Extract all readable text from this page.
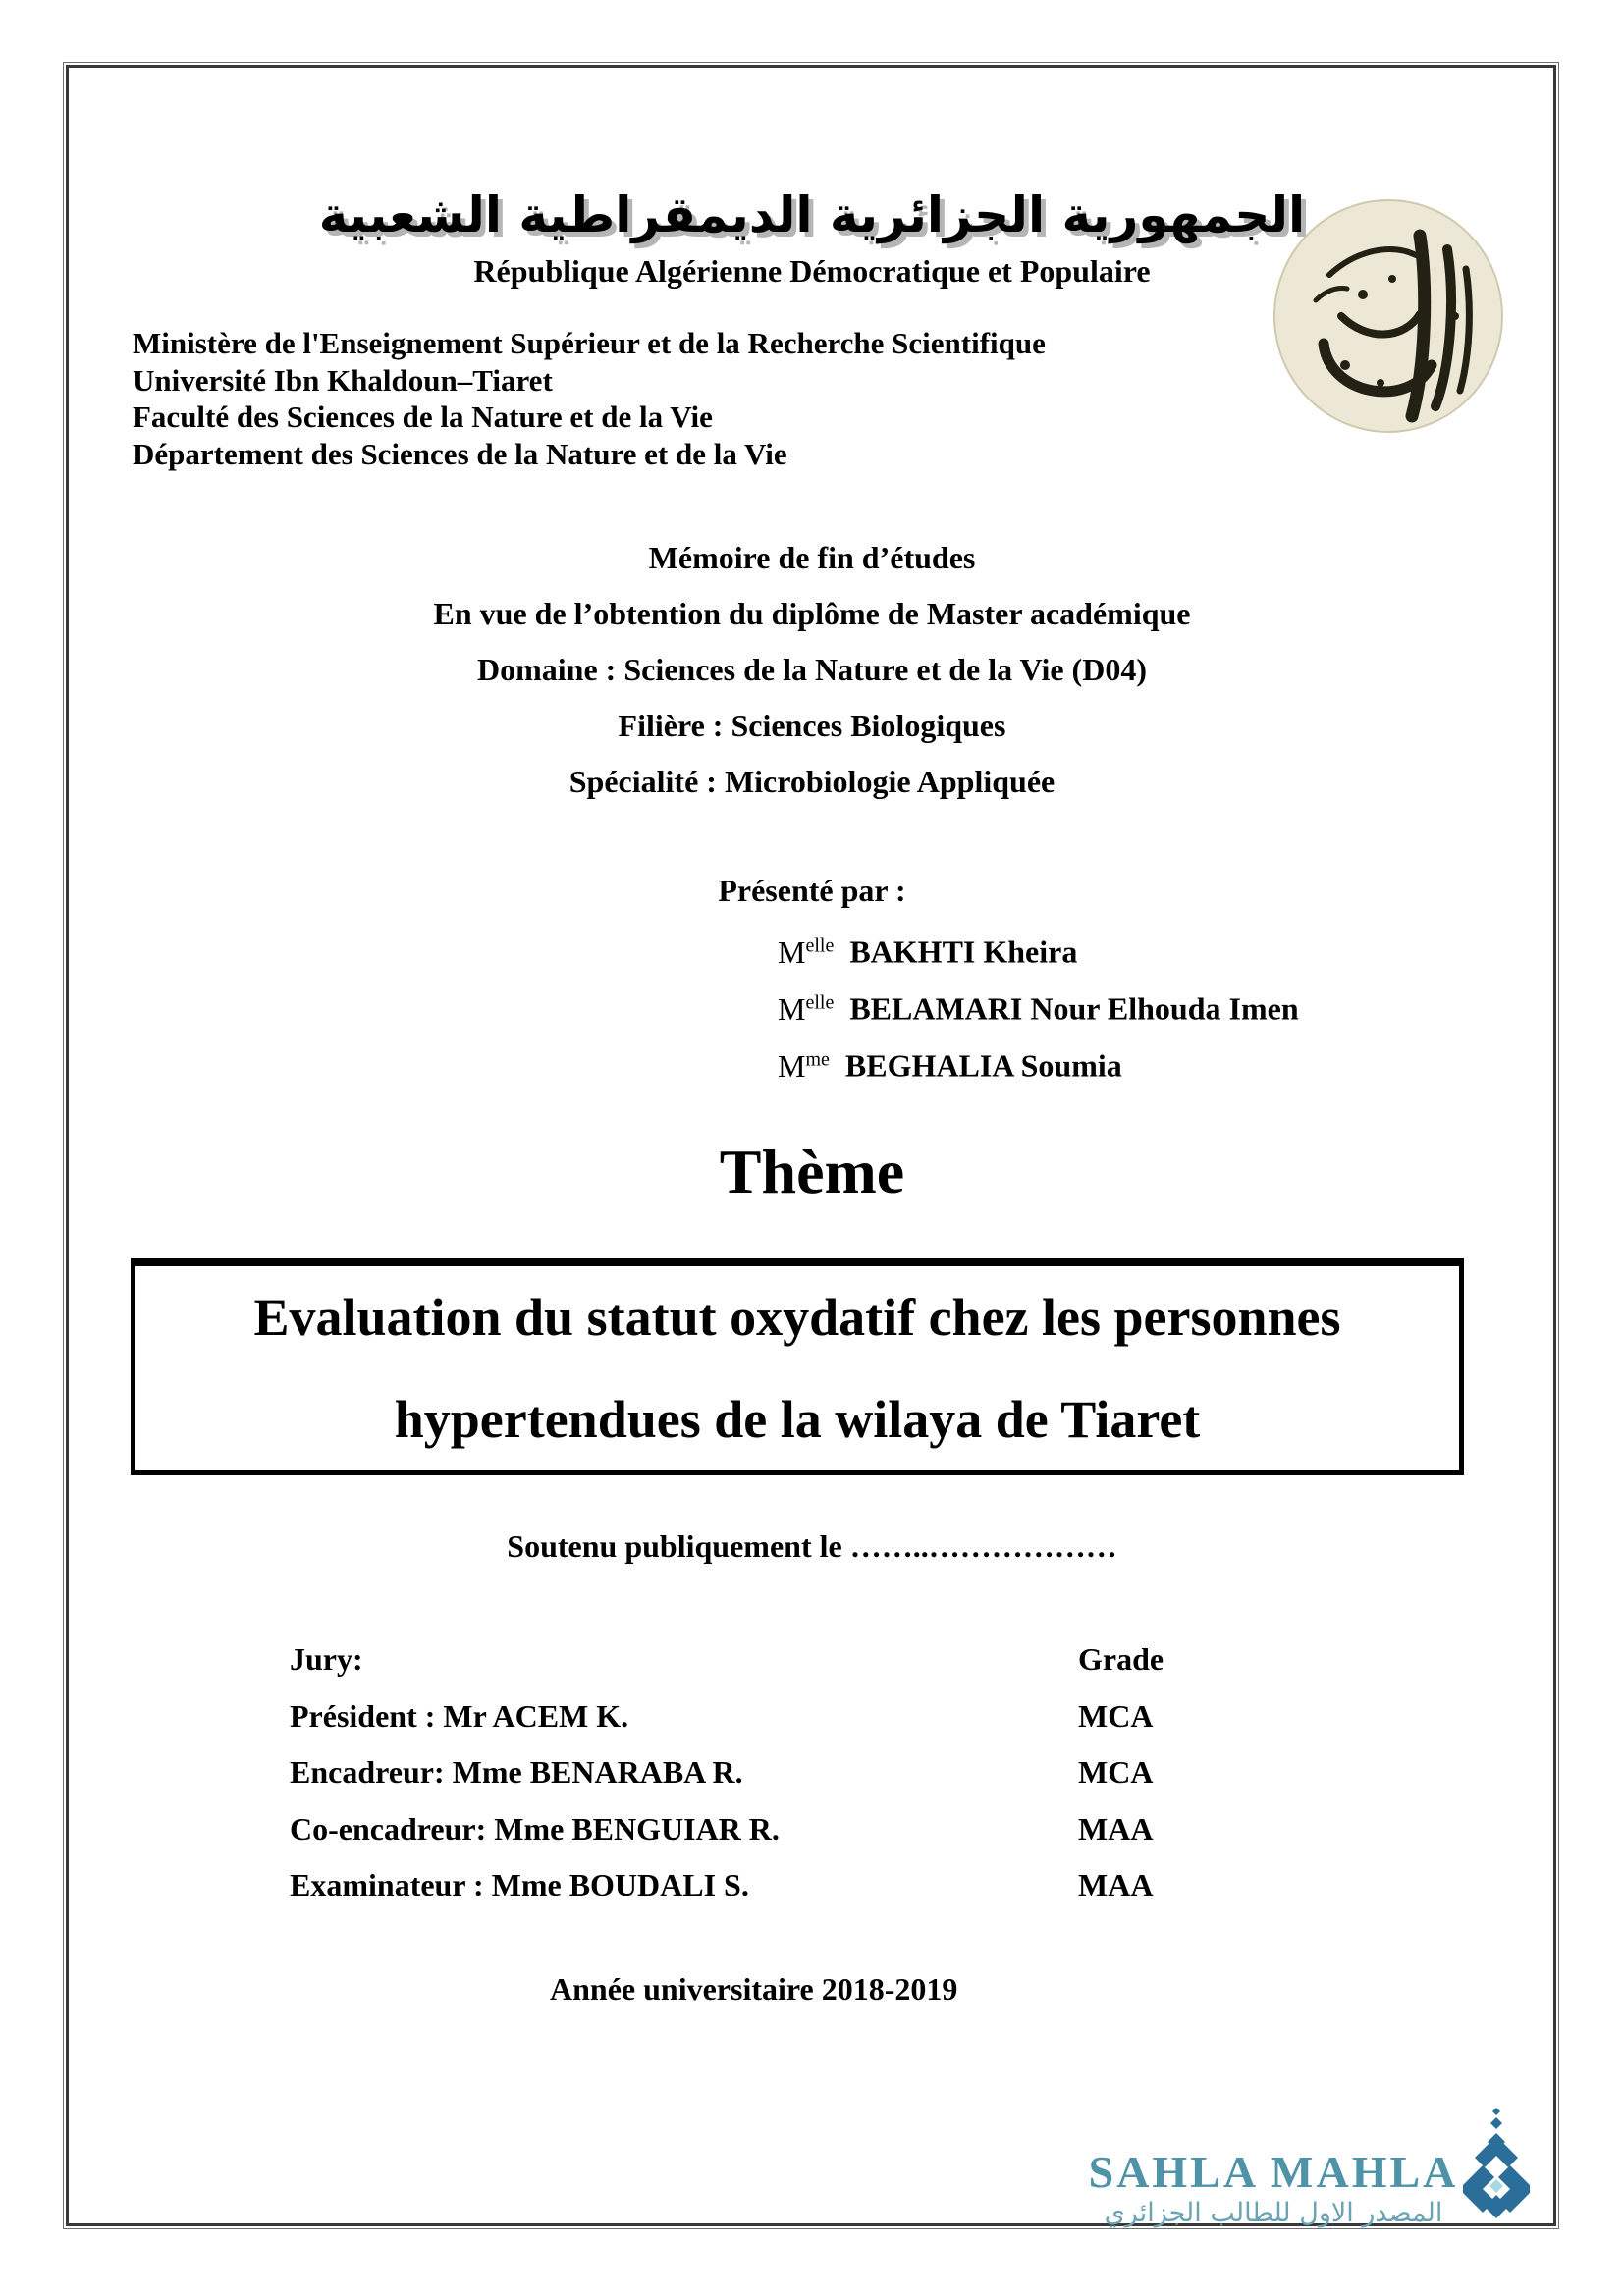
الجمهورية الجزائرية الديمقراطية الشعبية
République Algérienne Démocratique et Populaire

Ministère de l'Enseignement Supérieur et de la Recherche Scientifique

Université Ibn Khaldoun–Tiaret

Faculté des Sciences de la Nature et de la Vie

Département des Sciences de la Nature et de la Vie

Mémoire de fin d’études

En vue de l’obtention du diplôme de Master académique

Domaine : Sciences de la Nature et de la Vie (D04)

Filière : Sciences Biologiques

Spécialité : Microbiologie Appliquée

Présenté par :
$M^{elle}$ BAKHTI Kheira
$M^{elle}$ BELAMARI Nour Elhouda Imen
$M^{me}$ BEGHALIA Soumia
Thème
Evaluation du statut oxydatif chez les personnes
hypertendues de la wilaya de Tiaret
Soutenu publiquement le ……..………………
Jury:	Grade
Président : Mr ACEM K.	MCA
Encadreur: Mme BENARABA R.	MCA
Co-encadreur: Mme BENGUIAR R.	MAA
Examinateur : Mme BOUDALI S.	MAA
Année universitaire 2018-2019
SAHLA MAHLA
المصدر الاول للطالب الجزائري
